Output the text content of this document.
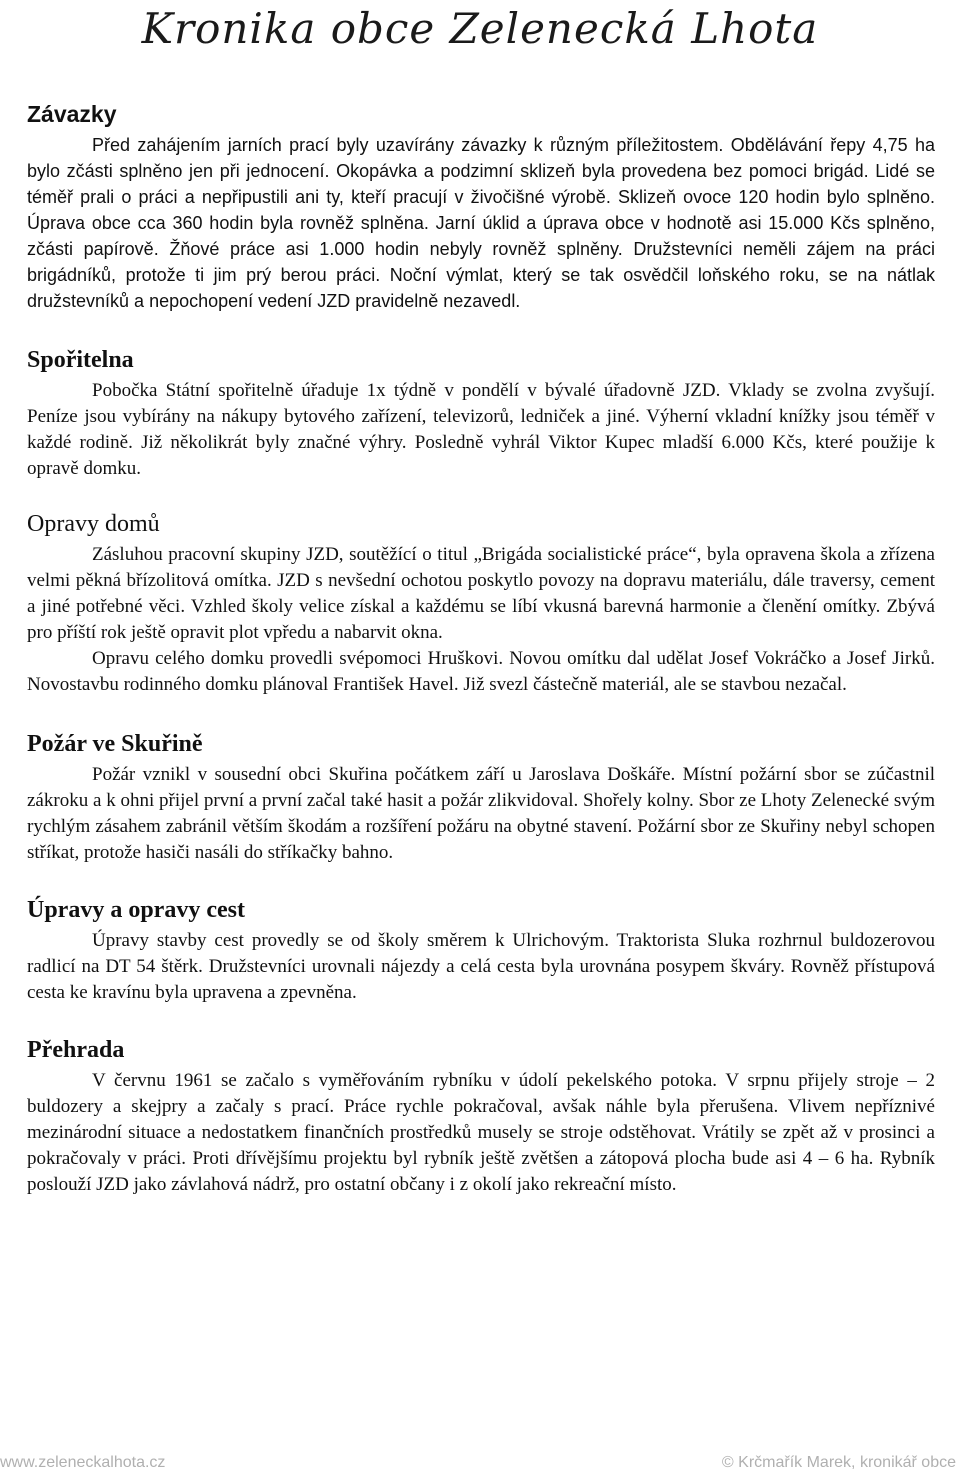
Kronika obce Zelenecká Lhota
Závazky

Před zahájením jarních prací byly uzavírány závazky k různým příležitostem. Obdělávání řepy 4,75 ha bylo zčásti splněno jen při jednocení. Okopávka a podzimní sklizeň byla provedena bez pomoci brigád. Lidé se téměř prali o práci a nepřipustili ani ty, kteří pracují v živočišné výrobě. Sklizeň ovoce 120 hodin bylo splněno. Úprava obce cca 360 hodin byla rovněž splněna. Jarní úklid a úprava obce v hodnotě asi 15.000 Kčs splněno, zčásti papírově. Žňové práce asi 1.000 hodin nebyly rovněž splněny. Družstevníci neměli zájem na práci brigádníků, protože ti jim prý berou práci. Noční výmlat, který se tak osvědčil loňského roku, se na nátlak družstevníků a nepochopení vedení JZD pravidelně nezavedl.

Spořitelna

Pobočka Státní spořitelně úřaduje 1x týdně v pondělí v bývalé úřadovně JZD. Vklady se zvolna zvyšují. Peníze jsou vybírány na nákupy bytového zařízení, televizorů, ledniček a jiné. Výherní vkladní knížky jsou téměř v každé rodině. Již několikrát byly značné výhry. Posledně vyhrál Viktor Kupec mladší 6.000 Kčs, které použije k opravě domku.

Opravy domů

Zásluhou pracovní skupiny JZD, soutěžící o titul „Brigáda socialistické práce“, byla opravena škola a zřízena velmi pěkná břízolitová omítka. JZD s nevšední ochotou poskytlo povozy na dopravu materiálu, dále traversy, cement a jiné potřebné věci. Vzhled školy velice získal a každému se líbí vkusná barevná harmonie a členění omítky. Zbývá pro příští rok ještě opravit plot vpředu a nabarvit okna.

Opravu celého domku provedli svépomoci Hruškovi. Novou omítku dal udělat Josef Vokráčko a Josef Jirků. Novostavbu rodinného domku plánoval František Havel. Již svezl částečně materiál, ale se stavbou nezačal.

Požár ve Skuřině

Požár vznikl v sousední obci Skuřina počátkem září u Jaroslava Doškáře. Místní požární sbor se zúčastnil zákroku a k ohni přijel první a první začal také hasit a požár zlikvidoval. Shořely kolny. Sbor ze Lhoty Zelenecké svým rychlým zásahem zabránil větším škodám a rozšíření požáru na obytné stavení. Požární sbor ze Skuřiny nebyl schopen stříkat, protože hasiči nasáli do stříkačky bahno.

Úpravy a opravy cest

Úpravy stavby cest provedly se od školy směrem k Ulrichovým. Traktorista Sluka rozhrnul buldozerovou radlicí na DT 54 štěrk. Družstevníci urovnali nájezdy a celá cesta byla urovnána posypem škváry. Rovněž přístupová cesta ke kravínu byla upravena a zpevněna.

Přehrada

V červnu 1961 se začalo s vyměřováním rybníku v údolí pekelského potoka. V srpnu přijely stroje – 2 buldozery a skejpry a začaly s prací. Práce rychle pokračoval, avšak náhle byla přerušena. Vlivem nepříznivé mezinárodní situace a nedostatkem finančních prostředků musely se stroje odstěhovat. Vrátily se zpět až v prosinci a pokračovaly v práci. Proti dřívějšímu projektu byl rybník ještě zvětšen a zátopová plocha bude asi 4 – 6 ha. Rybník poslouží JZD jako závlahová nádrž, pro ostatní občany i z okolí jako rekreační místo.

www.zeleneckalhota.cz	© Krčmařík Marek, kronikář obce
